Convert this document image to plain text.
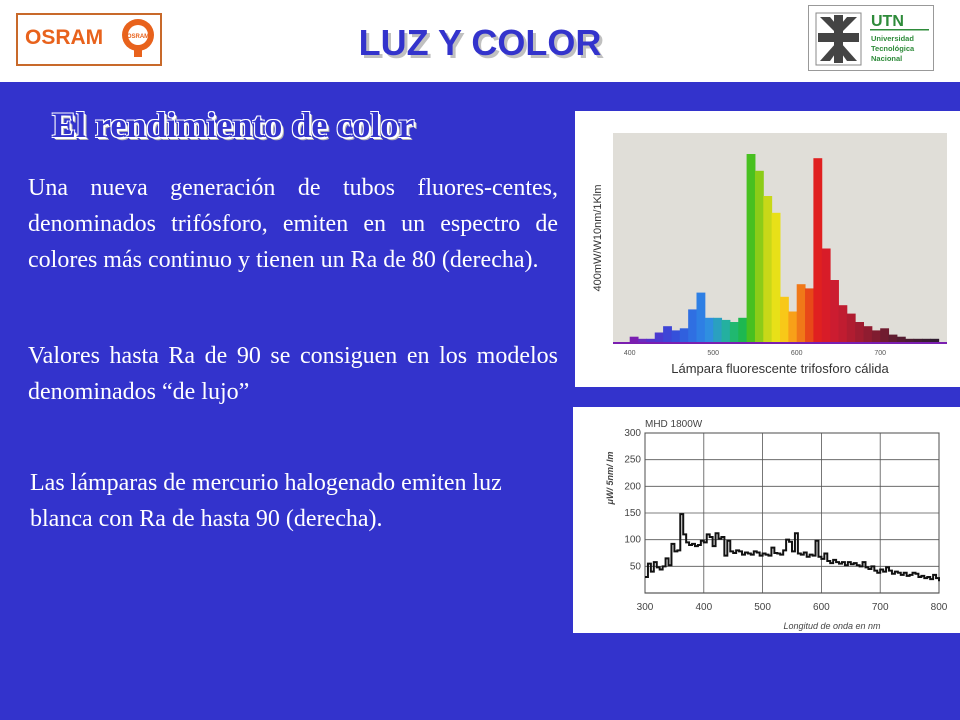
OSRAM	OSRAM	LUZ Y COLOR
UTN
Universidad
Tecnológica
Nacional
El rendimiento de color
Una nueva generación de tubos fluores-centes, denominados trifósforo, emiten en un espectro de colores más continuo y tienen un Ra de 80 (derecha).
Valores hasta Ra de 90 se consiguen en los modelos denominados “de lujo”
Las lámparas de mercurio halogenado emiten luz blanca con Ra de hasta 90 (derecha).
400	500	600	700
400mW/W10nm/1Klm
Lámpara fluorescente trifosforo cálida
300	400	500	600	700	800
50
100
150
200
250
300
MHD 1800W
Longitud de onda en nm
μW/ 5nm/ lm
